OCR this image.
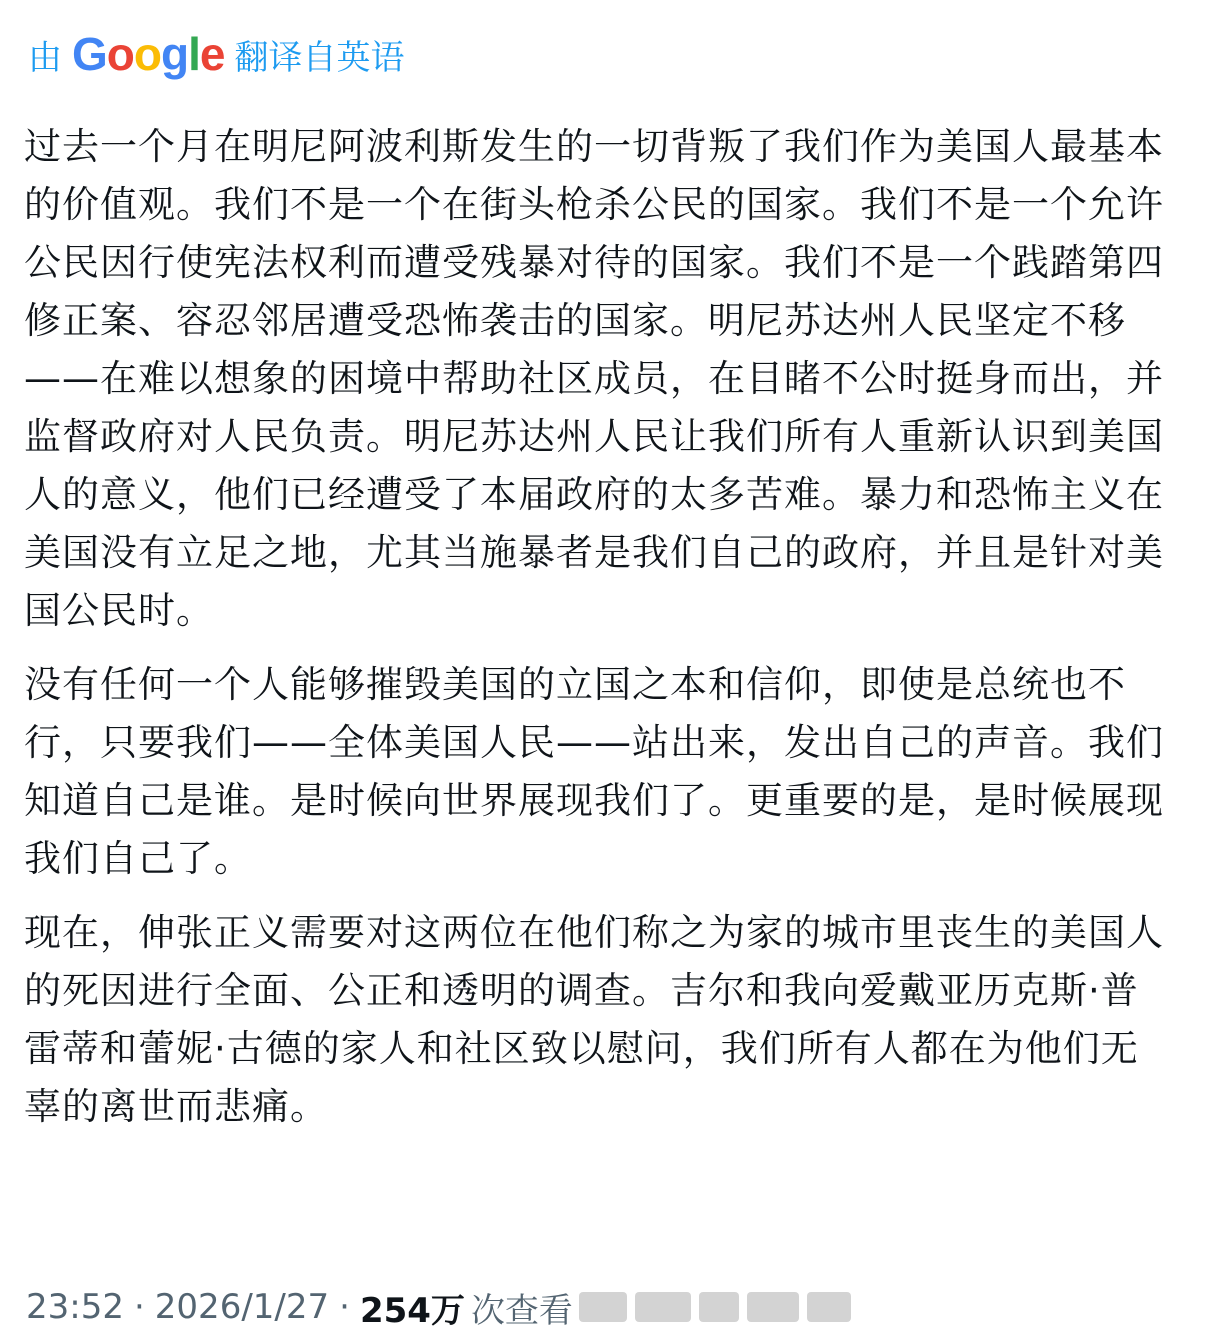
由 G o o g l e 翻译自英语

过去一个月在明尼阿波利斯发生的一切背叛了我们作为美国人最基本的价值观。我们不是一个在街头枪杀公民的国家。我们不是一个允许公民因行使宪法权利而遭受残暴对待的国家。我们不是一个践踏第四修正案、容忍邻居遭受恐怖袭击的国家。明尼苏达州人民坚定不移——在难以想象的困境中帮助社区成员，在目睹不公时挺身而出，并监督政府对人民负责。明尼苏达州人民让我们所有人重新认识到美国人的意义，他们已经遭受了本届政府的太多苦难。暴力和恐怖主义在美国没有立足之地，尤其当施暴者是我们自己的政府，并且是针对美国公民时。

没有任何一个人能够摧毁美国的立国之本和信仰，即使是总统也不行，只要我们——全体美国人民——站出来，发出自己的声音。我们知道自己是谁。是时候向世界展现我们了。更重要的是，是时候展现我们自己了。

现在，伸张正义需要对这两位在他们称之为家的城市里丧生的美国人的死因进行全面、公正和透明的调查。吉尔和我向爱戴亚历克斯·普雷蒂和蕾妮·古德的家人和社区致以慰问，我们所有人都在为他们无辜的离世而悲痛。

23:52 · 2026/1/27 · 254万 次查看
